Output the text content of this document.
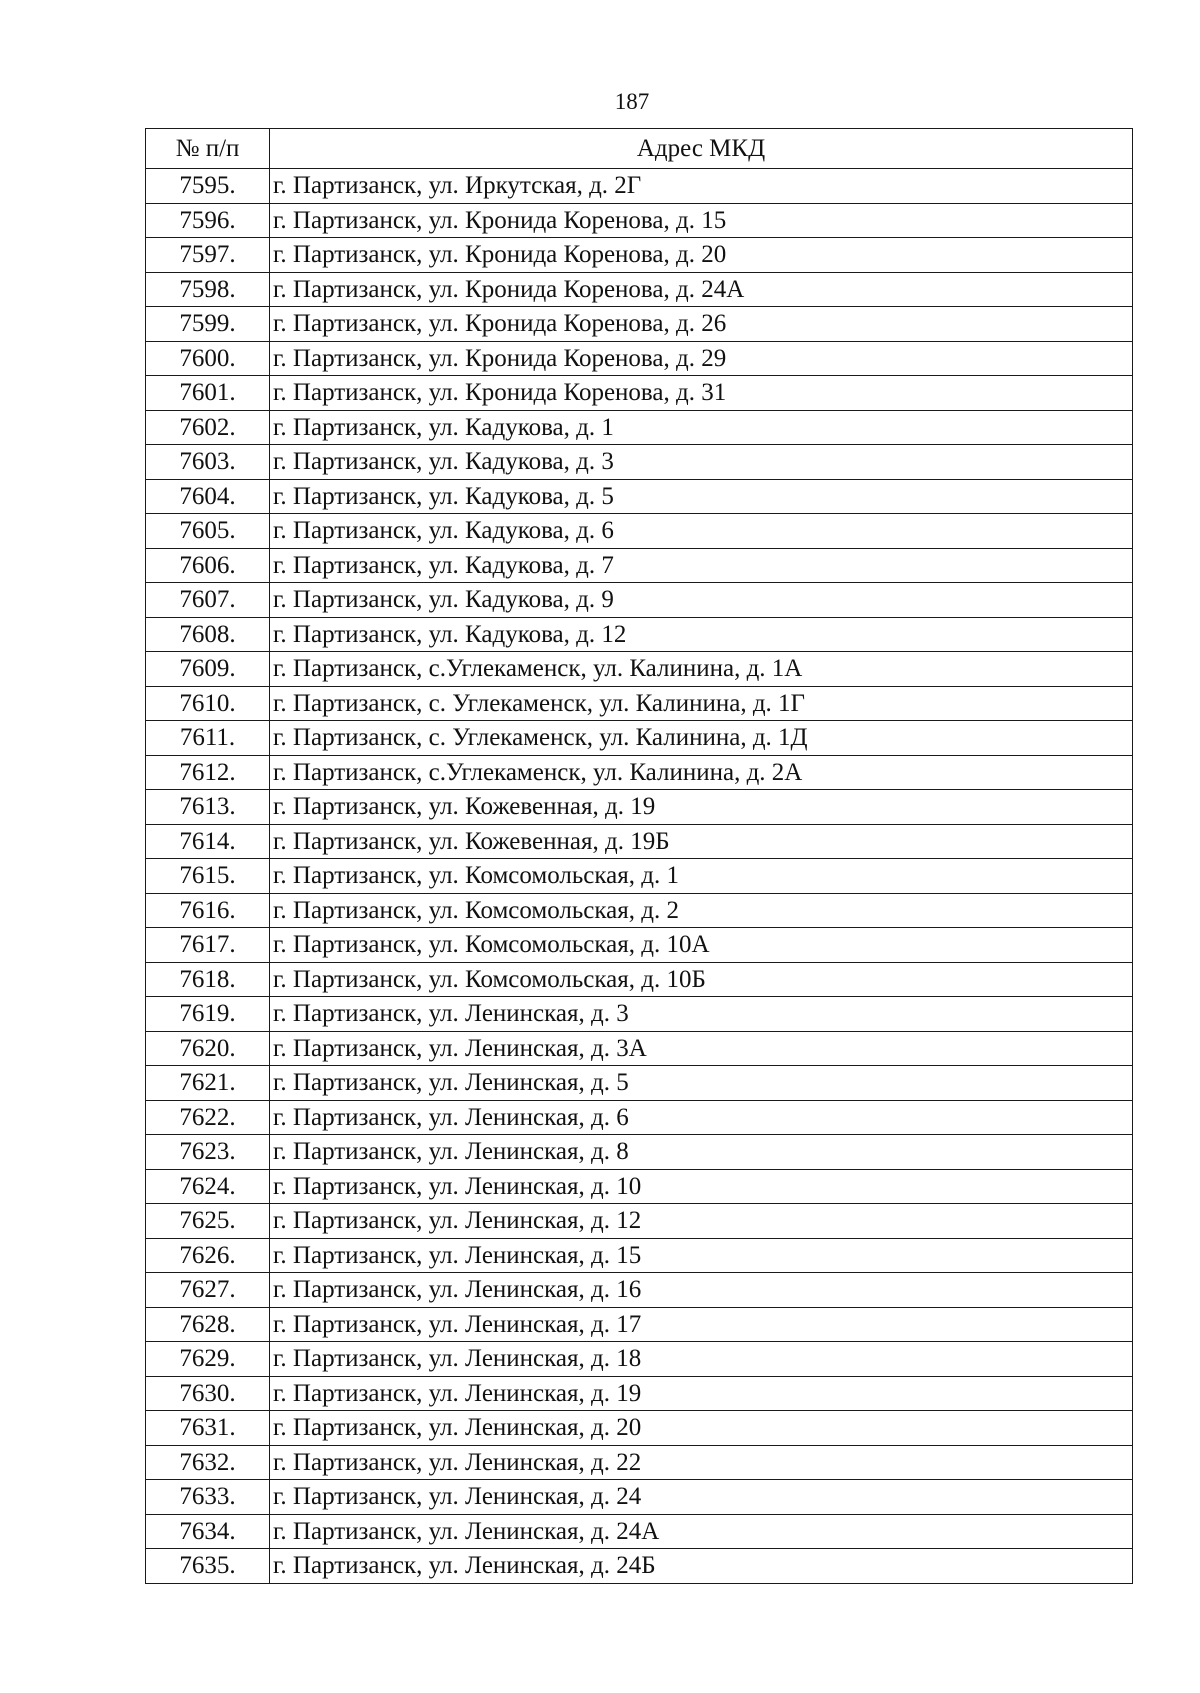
187
№ п/п	Адрес МКД
7595.	г. Партизанск, ул. Иркутская, д. 2Г
7596.	г. Партизанск, ул. Кронида Коренова, д. 15
7597.	г. Партизанск, ул. Кронида Коренова, д. 20
7598.	г. Партизанск, ул. Кронида Коренова, д. 24А
7599.	г. Партизанск, ул. Кронида Коренова, д. 26
7600.	г. Партизанск, ул. Кронида Коренова, д. 29
7601.	г. Партизанск, ул. Кронида Коренова, д. 31
7602.	г. Партизанск, ул. Кадукова, д. 1
7603.	г. Партизанск, ул. Кадукова, д. 3
7604.	г. Партизанск, ул. Кадукова, д. 5
7605.	г. Партизанск, ул. Кадукова, д. 6
7606.	г. Партизанск, ул. Кадукова, д. 7
7607.	г. Партизанск, ул. Кадукова, д. 9
7608.	г. Партизанск, ул. Кадукова, д. 12
7609.	г. Партизанск, с.Углекаменск, ул. Калинина, д. 1А
7610.	г. Партизанск, с. Углекаменск, ул. Калинина, д. 1Г
7611.	г. Партизанск, с. Углекаменск, ул. Калинина, д. 1Д
7612.	г. Партизанск, с.Углекаменск, ул. Калинина, д. 2А
7613.	г. Партизанск, ул. Кожевенная, д. 19
7614.	г. Партизанск, ул. Кожевенная, д. 19Б
7615.	г. Партизанск, ул. Комсомольская, д. 1
7616.	г. Партизанск, ул. Комсомольская, д. 2
7617.	г. Партизанск, ул. Комсомольская, д. 10А
7618.	г. Партизанск, ул. Комсомольская, д. 10Б
7619.	г. Партизанск, ул. Ленинская, д. 3
7620.	г. Партизанск, ул. Ленинская, д. 3А
7621.	г. Партизанск, ул. Ленинская, д. 5
7622.	г. Партизанск, ул. Ленинская, д. 6
7623.	г. Партизанск, ул. Ленинская, д. 8
7624.	г. Партизанск, ул. Ленинская, д. 10
7625.	г. Партизанск, ул. Ленинская, д. 12
7626.	г. Партизанск, ул. Ленинская, д. 15
7627.	г. Партизанск, ул. Ленинская, д. 16
7628.	г. Партизанск, ул. Ленинская, д. 17
7629.	г. Партизанск, ул. Ленинская, д. 18
7630.	г. Партизанск, ул. Ленинская, д. 19
7631.	г. Партизанск, ул. Ленинская, д. 20
7632.	г. Партизанск, ул. Ленинская, д. 22
7633.	г. Партизанск, ул. Ленинская, д. 24
7634.	г. Партизанск, ул. Ленинская, д. 24А
7635.	г. Партизанск, ул. Ленинская, д. 24Б
